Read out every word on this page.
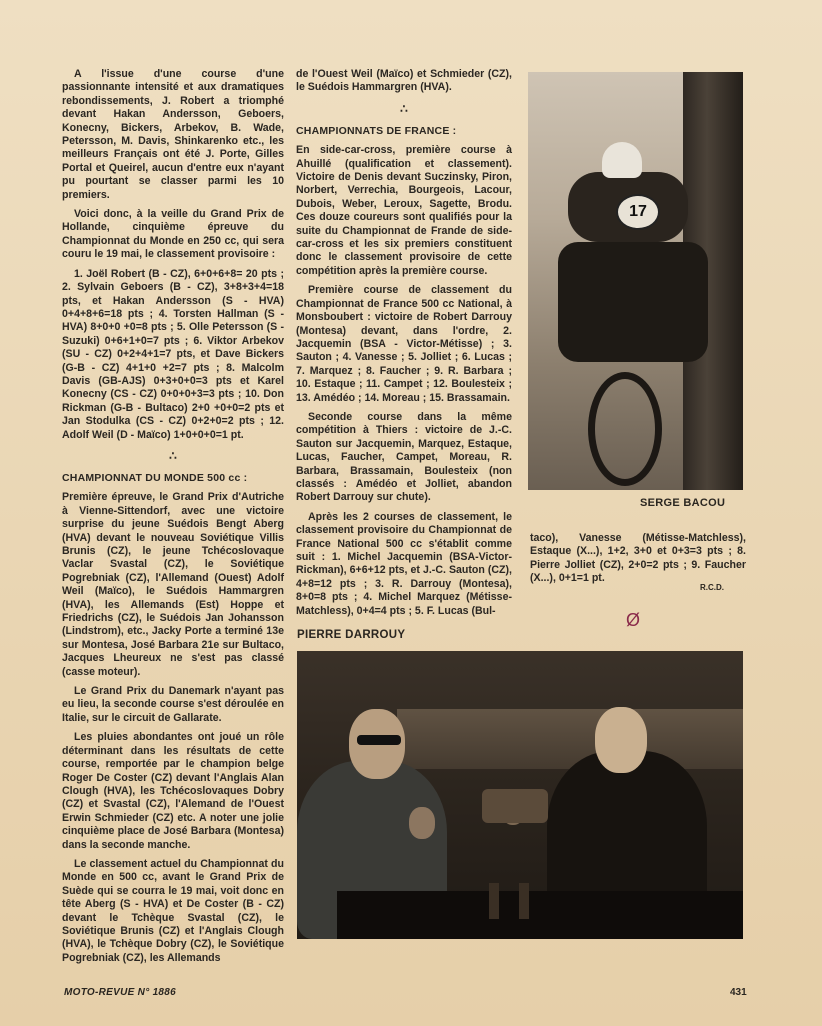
A l'issue d'une course d'une passionnante intensité et aux dramatiques rebondissements, J. Robert a triomphé devant Hakan Andersson, Geboers, Konecny, Bickers, Arbekov, B. Wade, Petersson, M. Davis, Shinkarenko etc., les meilleurs Français ont été J. Porte, Gilles Portal et Queirel, aucun d'entre eux n'ayant pu pourtant se classer parmi les 10 premiers.

Voici donc, à la veille du Grand Prix de Hollande, cinquième épreuve du Championnat du Monde en 250 cc, qui sera couru le 19 mai, le classement provisoire :

1. Joël Robert (B - CZ), 6+0+6+8= 20 pts ; 2. Sylvain Geboers (B - CZ), 3+8+3+4=18 pts, et Hakan Andersson (S - HVA) 0+4+8+6=18 pts ; 4. Torsten Hallman (S - HVA) 8+0+0 +0=8 pts ; 5. Olle Petersson (S - Suzuki) 0+6+1+0=7 pts ; 6. Viktor Arbekov (SU - CZ) 0+2+4+1=7 pts, et Dave Bickers (G-B - CZ) 4+1+0 +2=7 pts ; 8. Malcolm Davis (GB-AJS) 0+3+0+0=3 pts et Karel Konecny (CS - CZ) 0+0+0+3=3 pts ; 10. Don Rickman (G-B - Bultaco) 2+0 +0+0=2 pts et Jan Stodulka (CS - CZ) 0+2+0=2 pts ; 12. Adolf Weil (D - Maïco) 1+0+0+0=1 pt.

∴
CHAMPIONNAT DU MONDE 500 cc :

Première épreuve, le Grand Prix d'Autriche à Vienne-Sittendorf, avec une victoire surprise du jeune Suédois Bengt Aberg (HVA) devant le nouveau Soviétique Villis Brunis (CZ), le jeune Tchécoslovaque Vaclar Svastal (CZ), le Soviétique Pogrebniak (CZ), l'Allemand (Ouest) Adolf Weil (Maïco), le Suédois Hammargren (HVA), les Allemands (Est) Hoppe et Friedrichs (CZ), le Suédois Jan Johansson (Lindstrom), etc., Jacky Porte a terminé 13e sur Montesa, José Barbara 21e sur Bultaco, Jacques Lheureux ne s'est pas classé (casse moteur).

Le Grand Prix du Danemark n'ayant pas eu lieu, la seconde course s'est déroulée en Italie, sur le circuit de Gallarate.

Les pluies abondantes ont joué un rôle déterminant dans les résultats de cette course, remportée par le champion belge Roger De Coster (CZ) devant l'Anglais Alan Clough (HVA), les Tchécoslovaques Dobry (CZ) et Svastal (CZ), l'Alemand de l'Ouest Erwin Schmieder (CZ) etc. A noter une jolie cinquième place de José Barbara (Montesa) dans la seconde manche.

Le classement actuel du Championnat du Monde en 500 cc, avant le Grand Prix de Suède qui se courra le 19 mai, voit donc en tête Aberg (S - HVA) et De Coster (B - CZ) devant le Tchèque Svastal (CZ), le Soviétique Brunis (CZ) et l'Anglais Clough (HVA), le Tchèque Dobry (CZ), le Soviétique Pogrebniak (CZ), les Allemands

de l'Ouest Weil (Maïco) et Schmieder (CZ), le Suédois Hammargren (HVA).

∴
CHAMPIONNATS DE FRANCE :

En side-car-cross, première course à Ahuillé (qualification et classement). Victoire de Denis devant Suczinsky, Piron, Norbert, Verrechia, Bourgeois, Lacour, Dubois, Weber, Leroux, Sagette, Brodu. Ces douze coureurs sont qualifiés pour la suite du Championnat de Frande de side-car-cross et les six premiers constituent donc le classement provisoire de cette compétition après la première course.

Première course de classement du Championnat de France 500 cc National, à Monsboubert : victoire de Robert Darrouy (Montesa) devant, dans l'ordre, 2. Jacquemin (BSA - Victor-Métisse) ; 3. Sauton ; 4. Vanesse ; 5. Jolliet ; 6. Lucas ; 7. Marquez ; 8. Faucher ; 9. R. Barbara ; 10. Estaque ; 11. Campet ; 12. Boulesteix ; 13. Amédéo ; 14. Moreau ; 15. Brassamain.

Seconde course dans la même compétition à Thiers : victoire de J.-C. Sauton sur Jacquemin, Marquez, Estaque, Lucas, Faucher, Campet, Moreau, R. Barbara, Brassamain, Boulesteix (non classés : Amédéo et Jolliet, abandon Robert Darrouy sur chute).

Après les 2 courses de classement, le classement provisoire du Championnat de France National 500 cc s'établit comme suit : 1. Michel Jacquemin (BSA-Victor-Rickman), 6+6+12 pts, et J.-C. Sauton (CZ), 4+8=12 pts ; 3. R. Darrouy (Montesa), 8+0=8 pts ; 4. Michel Marquez (Métisse-Matchless), 0+4=4 pts ; 5. F. Lucas (Bul-

taco), Vanesse (Métisse-Matchless), Estaque (X...), 1+2, 3+0 et 0+3=3 pts ; 8. Pierre Jolliet (CZ), 2+0=2 pts ; 9. Faucher (X...), 0+1=1 pt.

R.C.D.
17
SERGE BACOU
Ø
PIERRE DARROUY
MOTO-REVUE N° 1886	431
